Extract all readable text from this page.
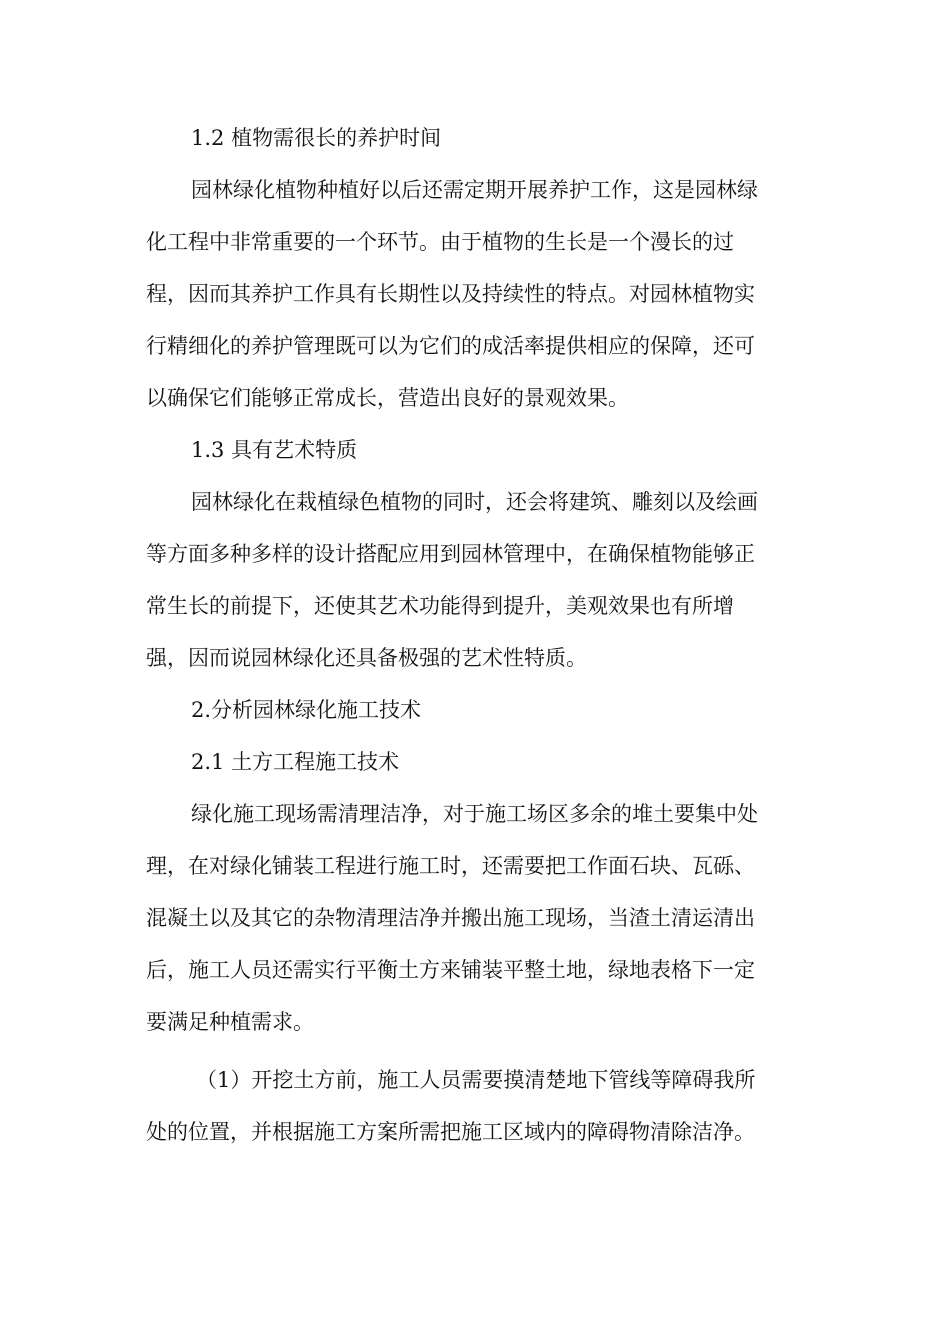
1.2 植物需很长的养护时间
园林绿化植物种植好以后还需定期开展养护工作，这是园林绿
化工程中非常重要的一个环节。由于植物的生长是一个漫长的过
程，因而其养护工作具有长期性以及持续性的特点。对园林植物实
行精细化的养护管理既可以为它们的成活率提供相应的保障，还可
以确保它们能够正常成长，营造出良好的景观效果。
1.3 具有艺术特质
园林绿化在栽植绿色植物的同时，还会将建筑、雕刻以及绘画
等方面多种多样的设计搭配应用到园林管理中，在确保植物能够正
常生长的前提下，还使其艺术功能得到提升，美观效果也有所增
强，因而说园林绿化还具备极强的艺术性特质。
2.分析园林绿化施工技术
2.1 土方工程施工技术
绿化施工现场需清理洁净，对于施工场区多余的堆土要集中处
理，在对绿化铺装工程进行施工时，还需要把工作面石块、瓦砾、
混凝土以及其它的杂物清理洁净并搬出施工现场，当渣土清运清出
后，施工人员还需实行平衡土方来铺装平整土地，绿地表格下一定
要满足种植需求。
（1）开挖土方前，施工人员需要摸清楚地下管线等障碍我所
处的位置，并根据施工方案所需把施工区域内的障碍物清除洁净。
